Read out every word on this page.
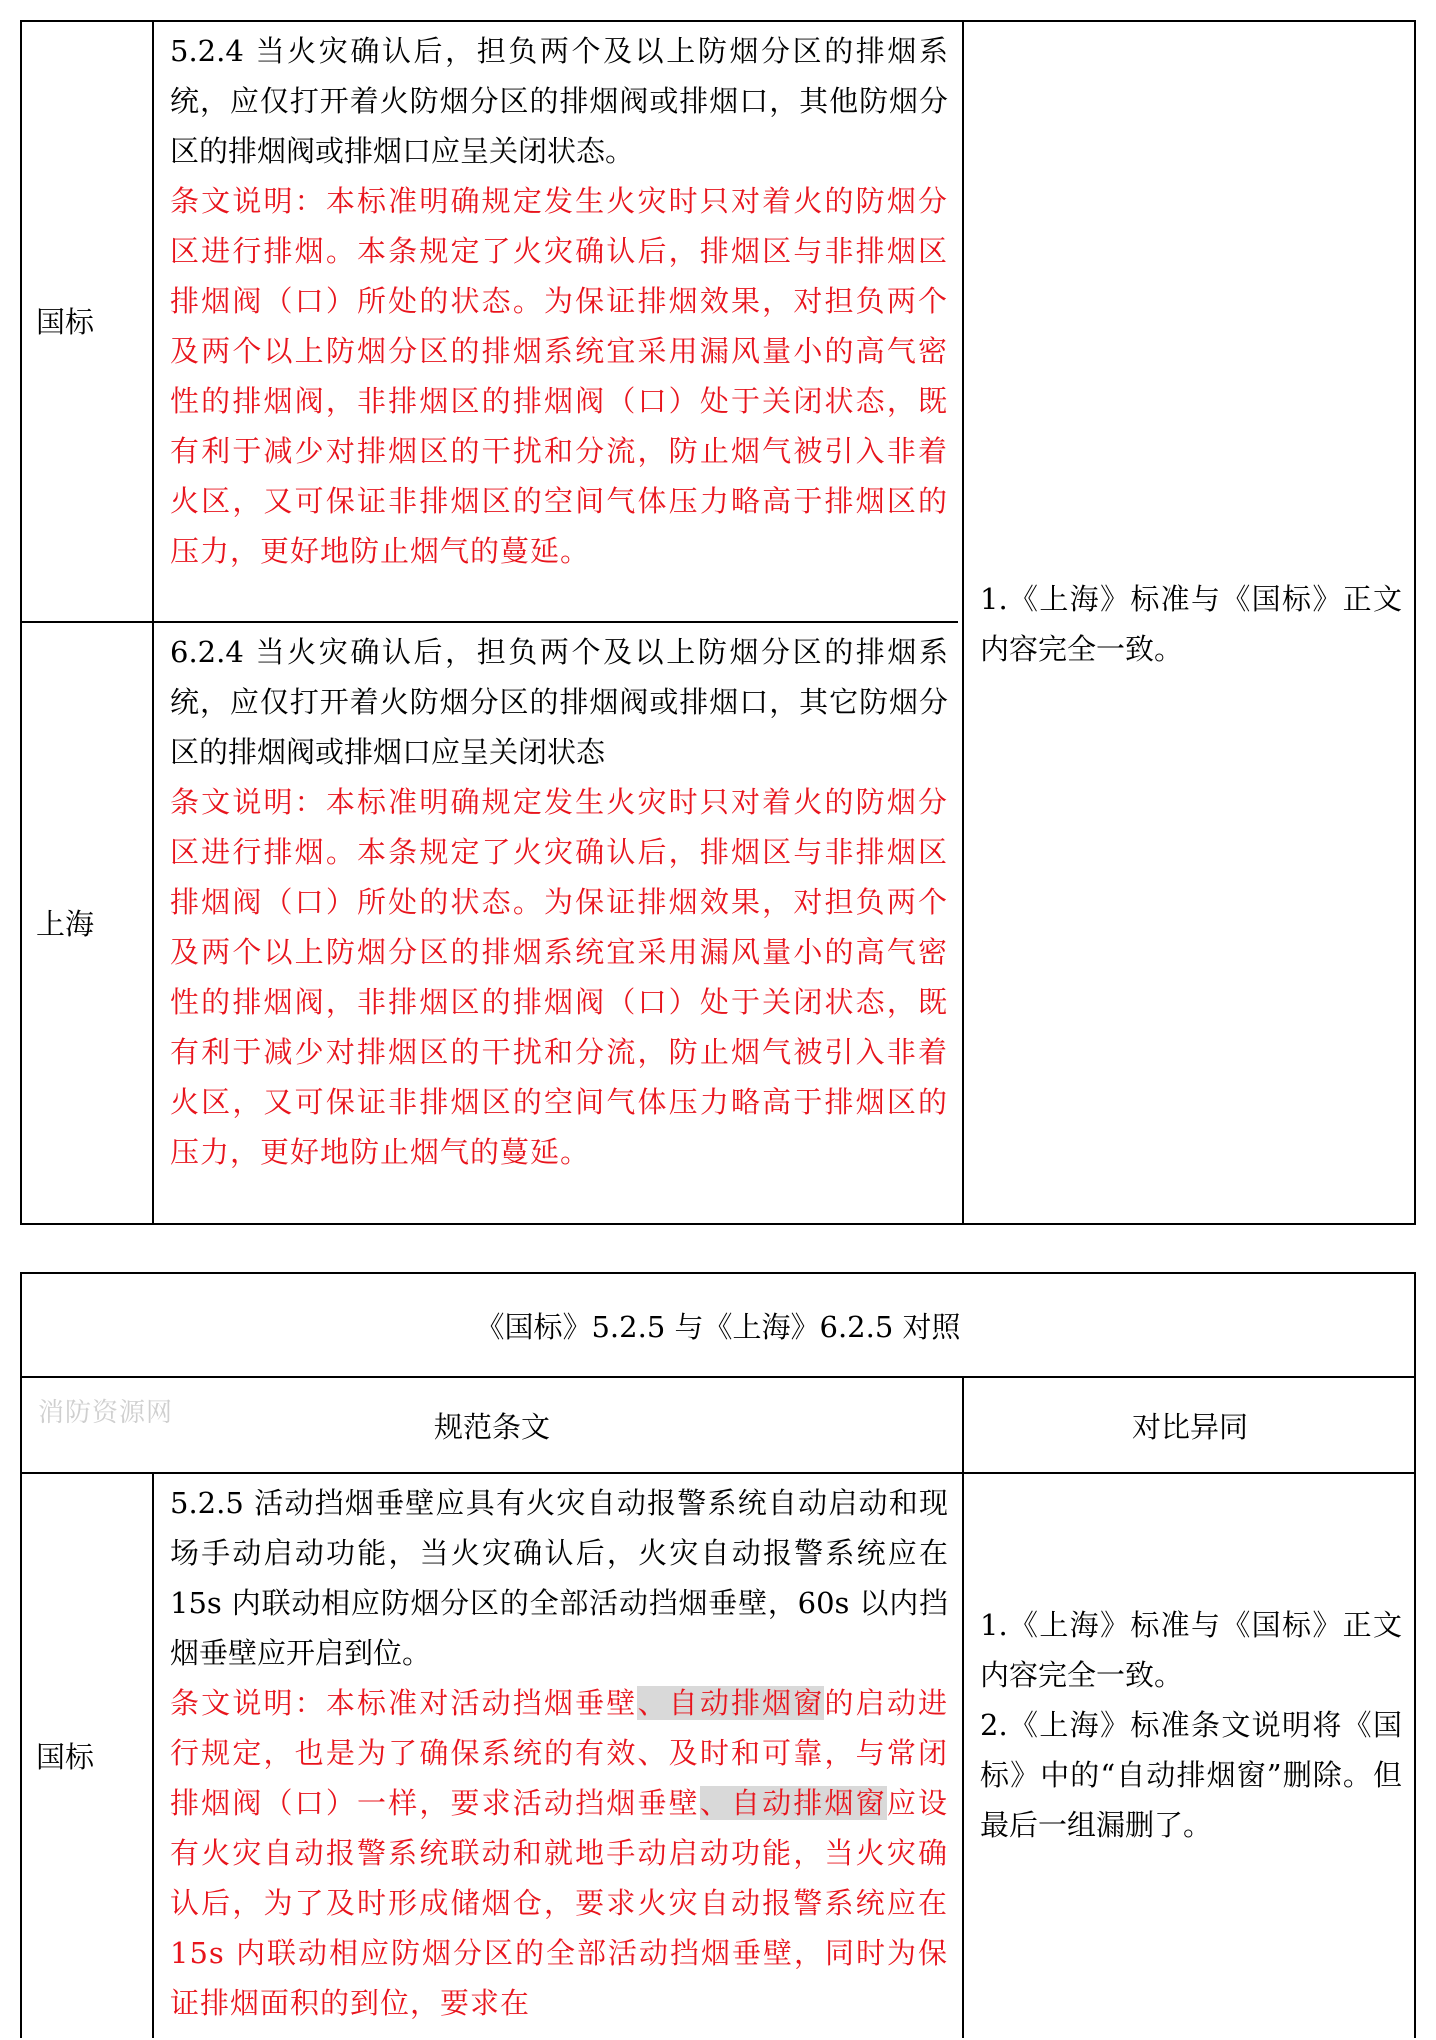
国标
5.2.4 当火灾确认后，担负两个及以上防烟分区的排烟系统，应仅打开着火防烟分区的排烟阀或排烟口，其他防烟分区的排烟阀或排烟口应呈关闭状态。
条文说明：本标准明确规定发生火灾时只对着火的防烟分区进行排烟。本条规定了火灾确认后，排烟区与非排烟区排烟阀（口）所处的状态。为保证排烟效果，对担负两个及两个以上防烟分区的排烟系统宜采用漏风量小的高气密性的排烟阀，非排烟区的排烟阀（口）处于关闭状态，既有利于减少对排烟区的干扰和分流，防止烟气被引入非着火区，又可保证非排烟区的空间气体压力略高于排烟区的压力，更好地防止烟气的蔓延。
上海
6.2.4 当火灾确认后，担负两个及以上防烟分区的排烟系统，应仅打开着火防烟分区的排烟阀或排烟口，其它防烟分区的排烟阀或排烟口应呈关闭状态
条文说明：本标准明确规定发生火灾时只对着火的防烟分区进行排烟。本条规定了火灾确认后，排烟区与非排烟区排烟阀（口）所处的状态。为保证排烟效果，对担负两个及两个以上防烟分区的排烟系统宜采用漏风量小的高气密性的排烟阀，非排烟区的排烟阀（口）处于关闭状态，既有利于减少对排烟区的干扰和分流，防止烟气被引入非着火区，又可保证非排烟区的空间气体压力略高于排烟区的压力，更好地防止烟气的蔓延。
1.《上海》标准与《国标》正文内容完全一致。
《国标》5.2.5 与《上海》6.2.5 对照
消防资源网	规范条文	对比异同
国标
5.2.5 活动挡烟垂壁应具有火灾自动报警系统自动启动和现场手动启动功能，当火灾确认后，火灾自动报警系统应在 15s 内联动相应防烟分区的全部活动挡烟垂壁，60s 以内挡烟垂壁应开启到位。
条文说明：本标准对活动挡烟垂壁、自动排烟窗的启动进行规定，也是为了确保系统的有效、及时和可靠，与常闭排烟阀（口）一样，要求活动挡烟垂壁、自动排烟窗应设有火灾自动报警系统联动和就地手动启动功能，当火灾确认后，为了及时形成储烟仓，要求火灾自动报警系统应在 15s 内联动相应防烟分区的全部活动挡烟垂壁，同时为保证排烟面积的到位，要求在
1.《上海》标准与《国标》正文内容完全一致。
2.《上海》标准条文说明将《国标》中的“自动排烟窗”删除。但最后一组漏删了。
